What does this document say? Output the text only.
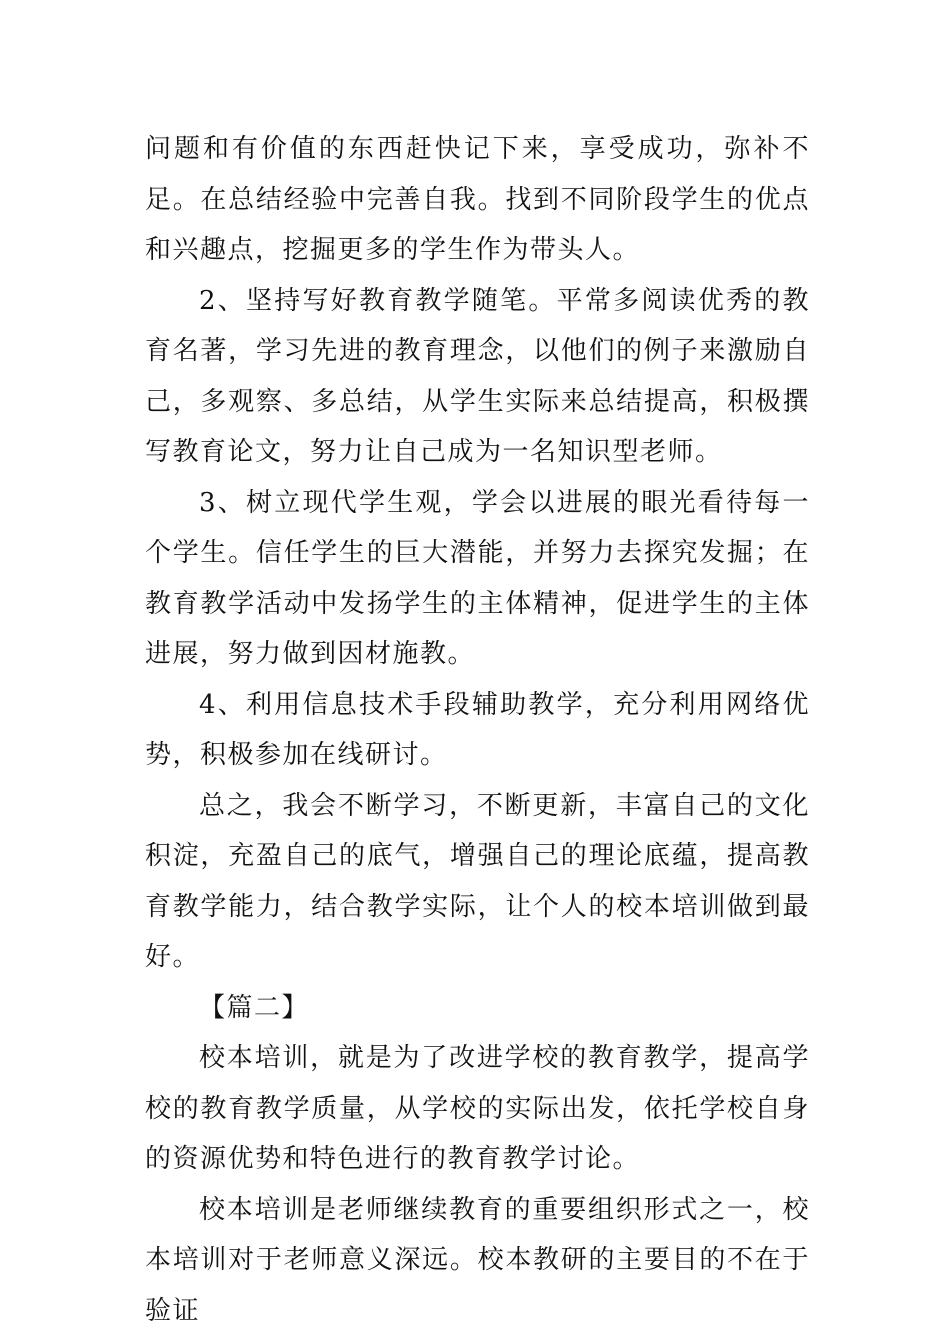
问题和有价值的东西赶快记下来，享受成功，弥补不足。在总结经验中完善自我。找到不同阶段学生的优点和兴趣点，挖掘更多的学生作为带头人。

2、坚持写好教育教学随笔。平常多阅读优秀的教育名著，学习先进的教育理念，以他们的例子来激励自己，多观察、多总结，从学生实际来总结提高，积极撰写教育论文，努力让自己成为一名知识型老师。

3、树立现代学生观，学会以进展的眼光看待每一个学生。信任学生的巨大潜能，并努力去探究发掘；在教育教学活动中发扬学生的主体精神，促进学生的主体进展，努力做到因材施教。

4、利用信息技术手段辅助教学，充分利用网络优势，积极参加在线研讨。

总之，我会不断学习，不断更新，丰富自己的文化积淀，充盈自己的底气，增强自己的理论底蕴，提高教育教学能力，结合教学实际，让个人的校本培训做到最好。

【篇二】

校本培训，就是为了改进学校的教育教学，提高学校的教育教学质量，从学校的实际出发，依托学校自身的资源优势和特色进行的教育教学讨论。

校本培训是老师继续教育的重要组织形式之一，校本培训对于老师意义深远。校本教研的主要目的不在于验证
